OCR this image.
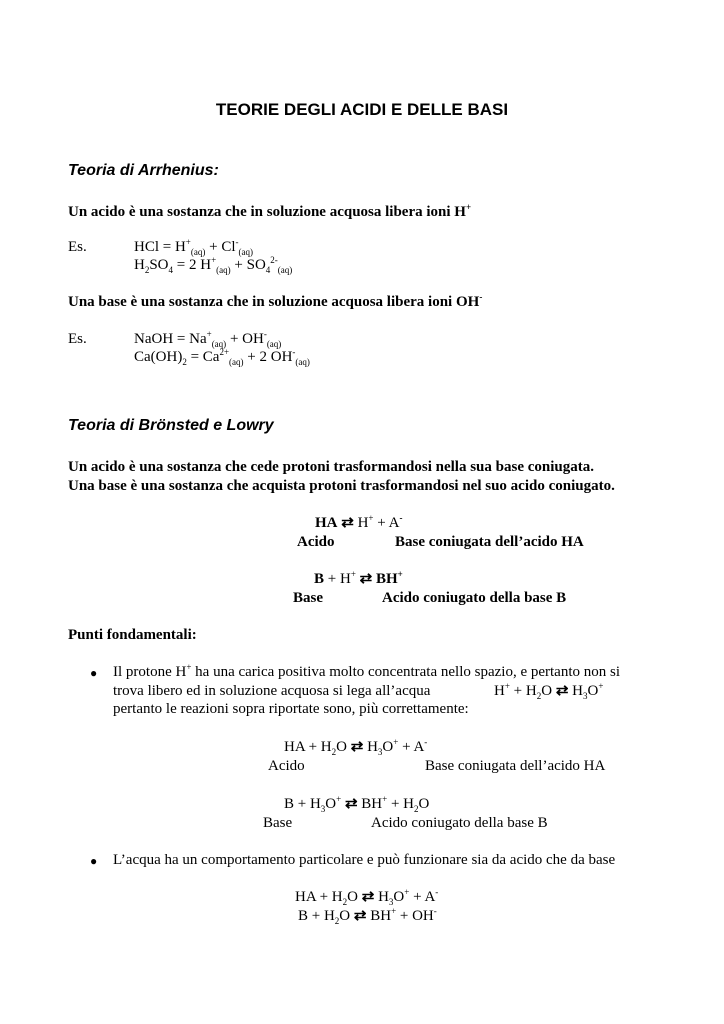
TEORIE DEGLI ACIDI E DELLE BASI
Teoria di Arrhenius:
Un acido è una sostanza che in soluzione acquosa libera ioni H+
Es.	HCl = $H^+_{(aq)} + Cl^-_{(aq)}$
$H_2SO_4 = 2$ $H^+_{(aq)} + SO_4^{2-}_{(aq)}$
Una base è una sostanza che in soluzione acquosa libera ioni OH-
Es.	NaOH = $Na^+_{(aq)} + OH^-_{(aq)}$
$Ca(OH)_2 = Ca^{2+}_{(aq)} + 2$ $OH^-_{(aq)}$
Teoria di Brönsted e Lowry
Un acido è una sostanza che cede protoni trasformandosi nella sua base coniugata.
Una base è una sostanza che acquista protoni trasformandosi nel suo acido coniugato.
HA ⇄ H+ + A-
Acido	Base coniugata dell’acido HA
B + H+ ⇄ BH+
Base	Acido coniugato della base B
Punti fondamentali:
● Il protone H+ ha una carica positiva molto concentrata nello spazio, e pertanto non si
trova libero ed in soluzione acquosa si lega all’acqua	$H^+ + H_2O$ ⇄ $H_3O^+$
pertanto le reazioni sopra riportate sono, più correttamente:
HA + $H_2O$ ⇄ $H_3O^+ + A^-$
Acido	Base coniugata dell’acido HA
$B + H_3O^+$ ⇄ $BH^+ + H_2O$
Base	Acido coniugato della base B
● L’acqua ha un comportamento particolare e può funzionare sia da acido che da base
HA + $H_2O$ ⇄ $H_3O^+ + A^-$
$B + H_2O$ ⇄ BH+ + OH-
